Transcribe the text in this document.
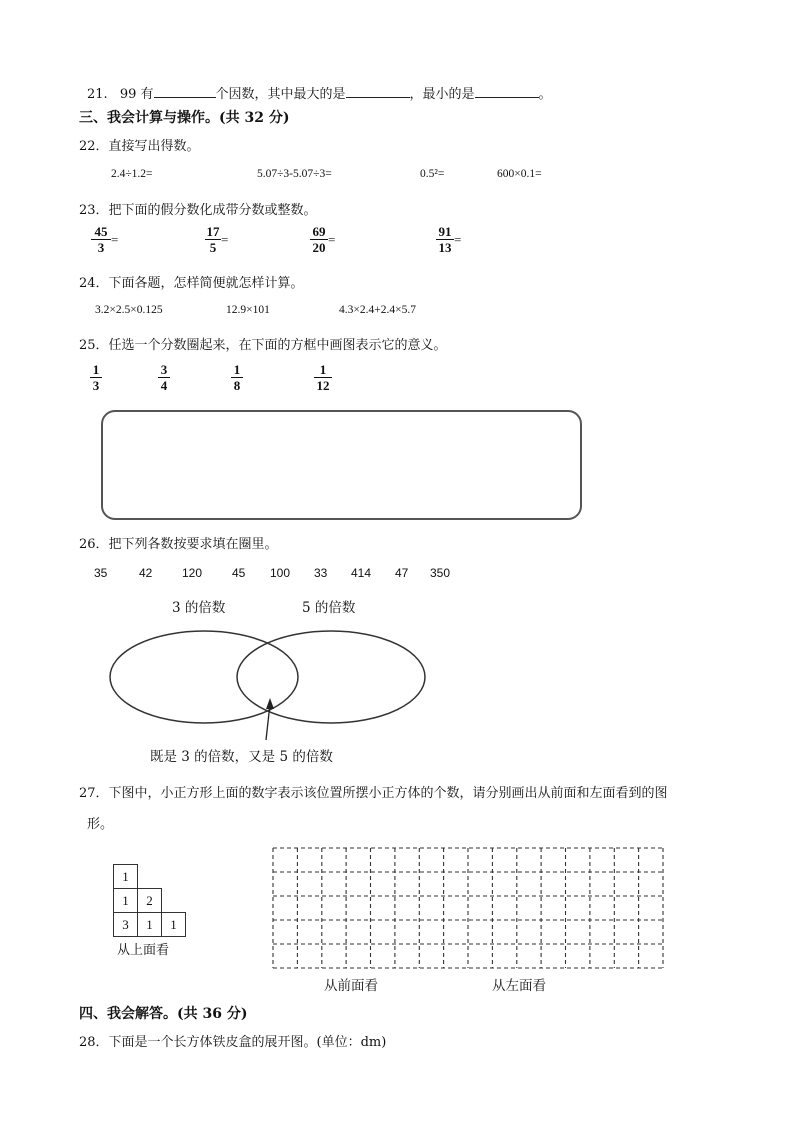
21. 99 有	个因数，其中最大的是	，最小的是	。
三、我会计算与操作。(共 32 分)
22．直接写出得数。
2.4÷1.2=	5.07÷3-5.07÷3=	0.5²=	600×0.1=
23．把下面的假分数化成带分数或整数。
45
3
=
17
5
=
69
20
=
91
13
=
24．下面各题，怎样简便就怎样计算。
3.2×2.5×0.125	12.9×101	4.3×2.4+2.4×5.7
25．任选一个分数圈起来，在下面的方框中画图表示它的意义。
1
3
3
4
1
8
1
12
26．把下列各数按要求填在圈里。
35	42 120 45 100 33 414 47 350
3 的倍数	5 的倍数
既是 3 的倍数，又是 5 的倍数
27．下图中，小正方形上面的数字表示该位置所摆小正方体的个数，请分别画出从前面和左面看到的图
形。
1
1	2
3	1	1
从上面看
从前面看	从左面看
四、我会解答。(共 36 分)
28．下面是一个长方体铁皮盒的展开图。(单位：dm)
